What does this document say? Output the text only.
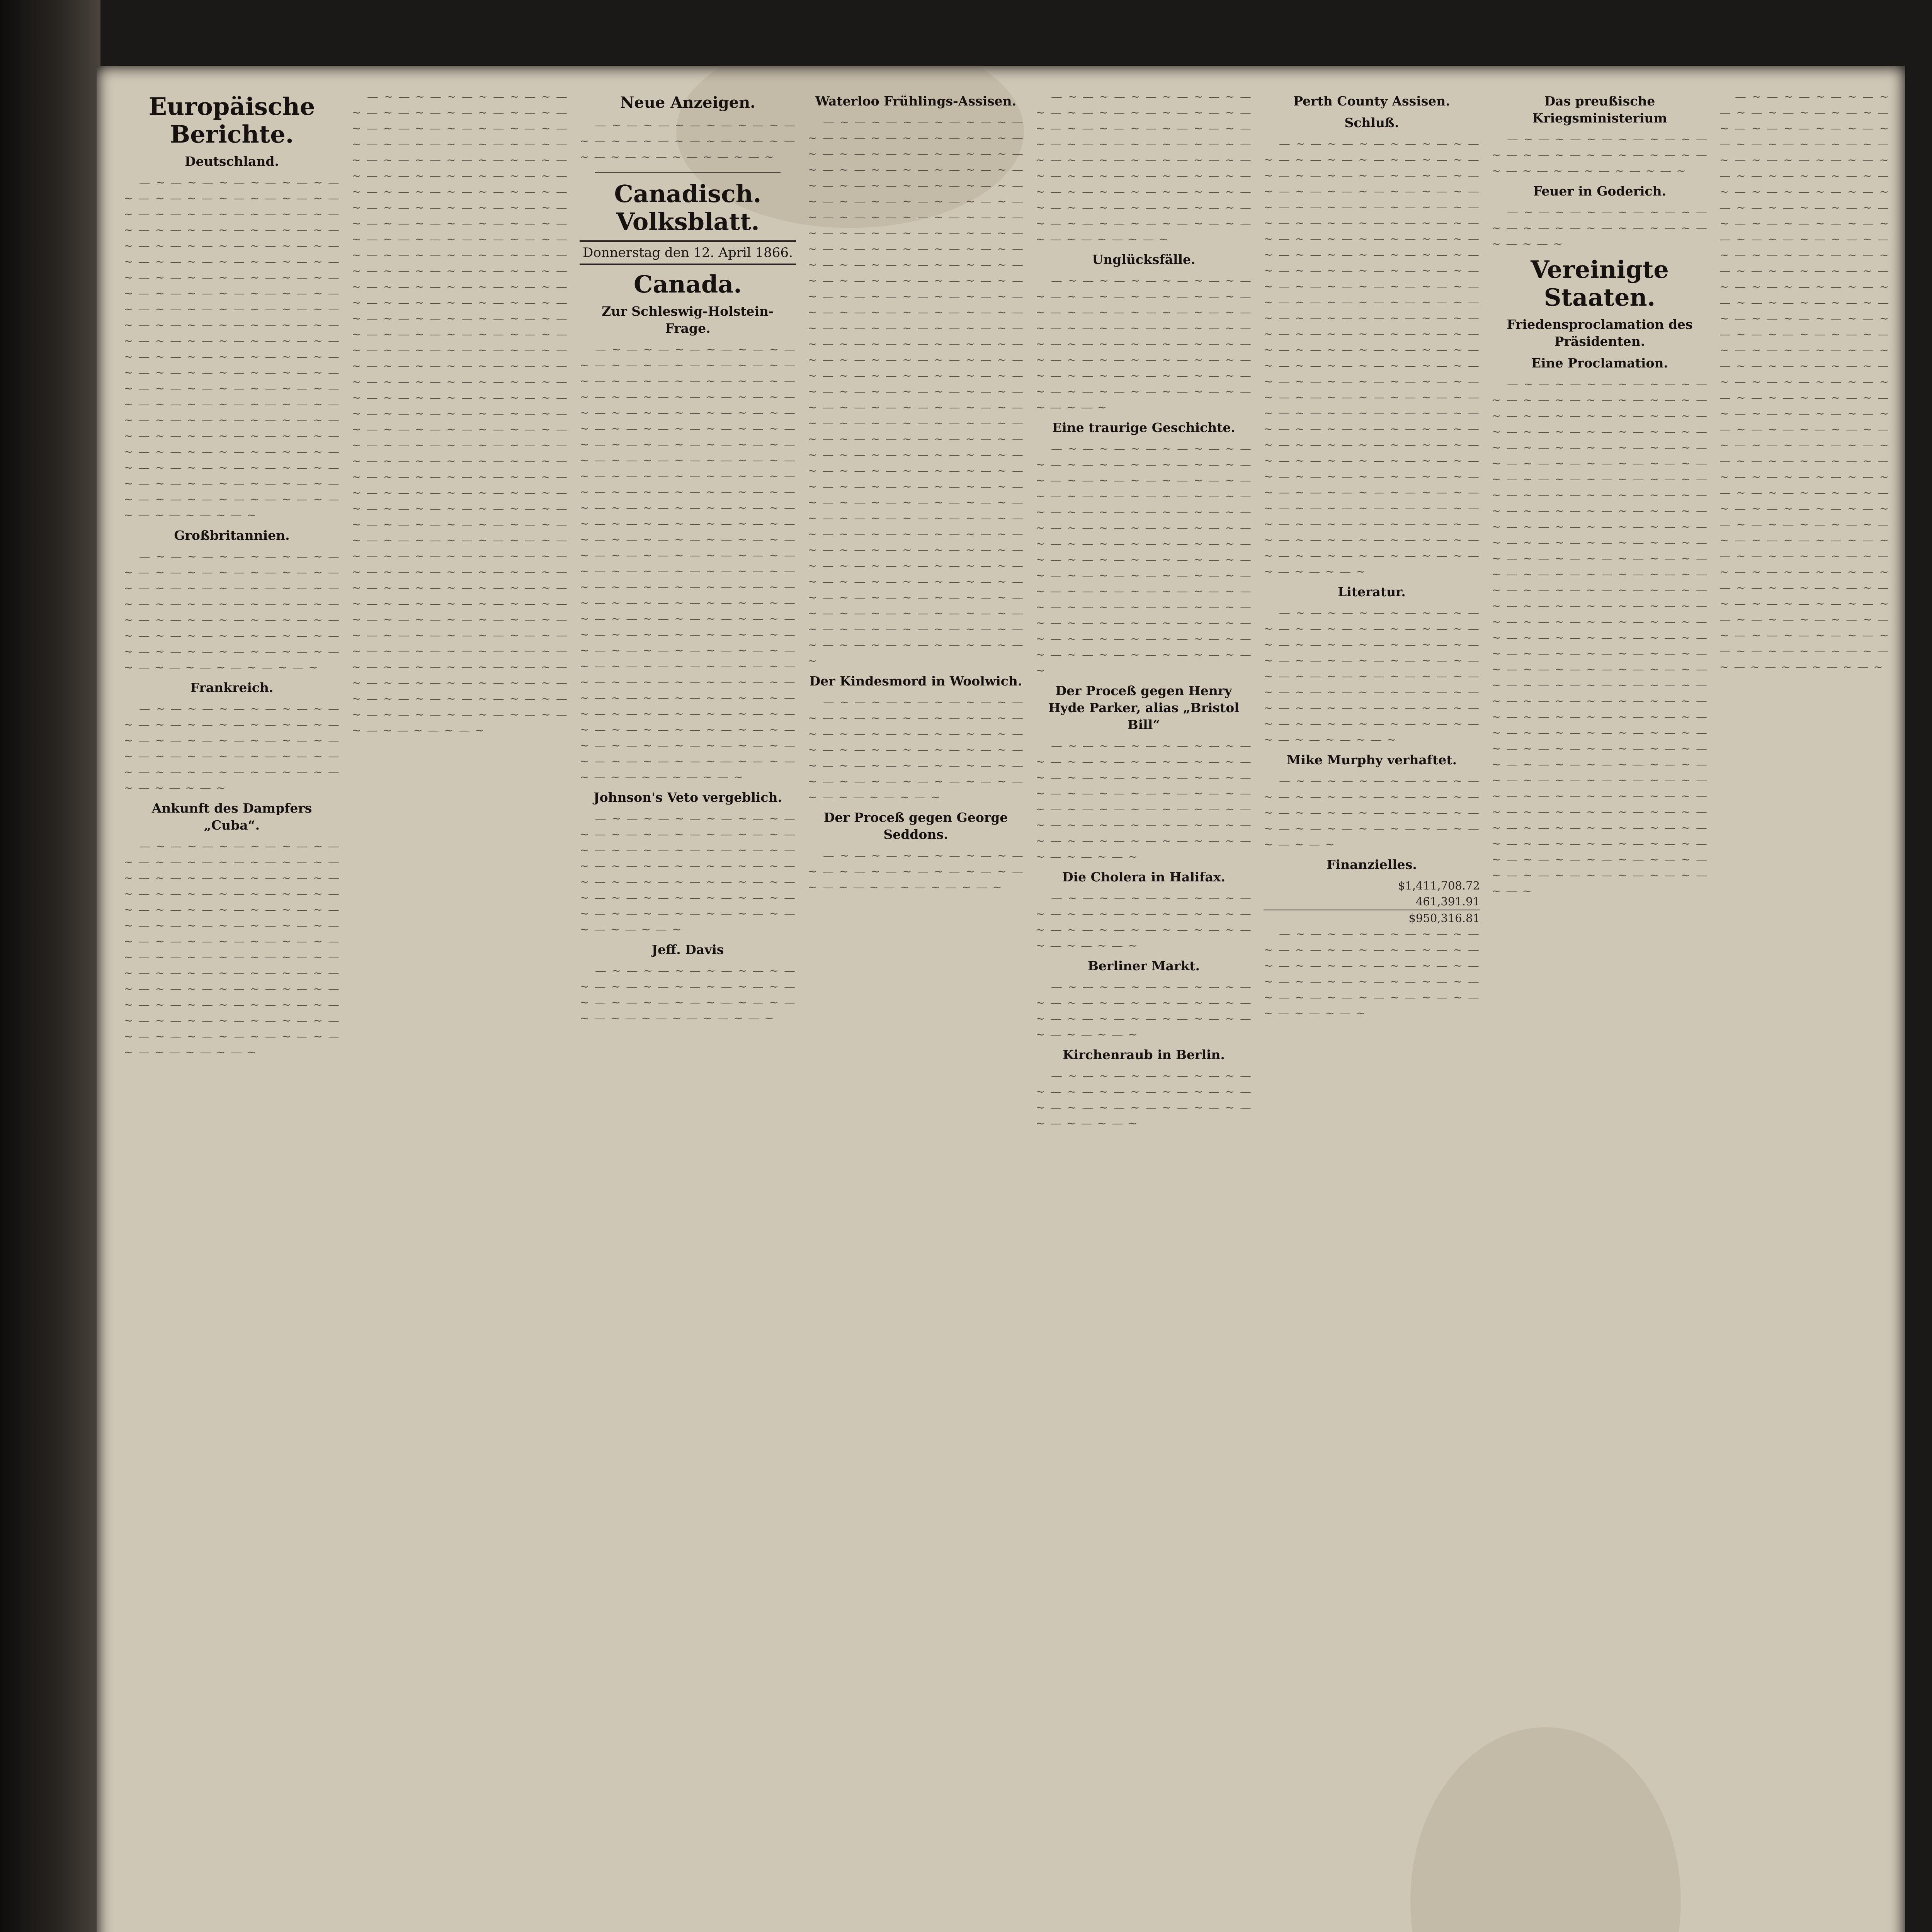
Europäische Berichte.
Deutschland.

— ~ — ~ — ~ — ~ — ~ — ~ — ~ — ~ — ~ — ~ — ~ — ~ — ~ — ~ — ~ — ~ — ~ — ~ — ~ — ~ — ~ — ~ — ~ — ~ — ~ — ~ — ~ — ~ — ~ — ~ — ~ — ~ — ~ — ~ — ~ — ~ — ~ — ~ — ~ — ~ — ~ — ~ — ~ — ~ — ~ — ~ — ~ — ~ — ~ — ~ — ~ — ~ — ~ — ~ — ~ — ~ — ~ — ~ — ~ — ~ — ~ — ~ — ~ — ~ — ~ — ~ — ~ — ~ — ~ — ~ — ~ — ~ — ~ — ~ — ~ — ~ — ~ — ~ — ~ — ~ — ~ — ~ — ~ — ~ — ~ — ~ — ~ — ~ — ~ — ~ — ~ — ~ — ~ — ~ — ~ — ~ — ~ — ~ — ~ — ~ — ~ — ~ — ~ — ~ — ~ — ~ — ~ — ~ — ~ — ~ — ~ — ~ — ~ — ~ — ~ — ~ — ~ — ~ — ~ — ~ — ~ — ~ — ~ — ~ — ~ — ~ — ~ — ~ — ~ — ~ — ~ — ~ — ~ — ~ — ~ — ~ — ~ — ~ — ~ — ~ — ~ — ~ — ~ — ~ — ~ — ~ — ~ — ~ — ~ — ~ — ~

Großbritannien.

— ~ — ~ — ~ — ~ — ~ — ~ — ~ — ~ — ~ — ~ — ~ — ~ — ~ — ~ — ~ — ~ — ~ — ~ — ~ — ~ — ~ — ~ — ~ — ~ — ~ — ~ — ~ — ~ — ~ — ~ — ~ — ~ — ~ — ~ — ~ — ~ — ~ — ~ — ~ — ~ — ~ — ~ — ~ — ~ — ~ — ~ — ~ — ~ — ~ — ~ — ~ — ~ — ~ — ~ — ~

Frankreich.

— ~ — ~ — ~ — ~ — ~ — ~ — ~ — ~ — ~ — ~ — ~ — ~ — ~ — ~ — ~ — ~ — ~ — ~ — ~ — ~ — ~ — ~ — ~ — ~ — ~ — ~ — ~ — ~ — ~ — ~ — ~ — ~ — ~ — ~ — ~ — ~ — ~ — ~

Ankunft des Dampfers „Cuba“.

— ~ — ~ — ~ — ~ — ~ — ~ — ~ — ~ — ~ — ~ — ~ — ~ — ~ — ~ — ~ — ~ — ~ — ~ — ~ — ~ — ~ — ~ — ~ — ~ — ~ — ~ — ~ — ~ — ~ — ~ — ~ — ~ — ~ — ~ — ~ — ~ — ~ — ~ — ~ — ~ — ~ — ~ — ~ — ~ — ~ — ~ — ~ — ~ — ~ — ~ — ~ — ~ — ~ — ~ — ~ — ~ — ~ — ~ — ~ — ~ — ~ — ~ — ~ — ~ — ~ — ~ — ~ — ~ — ~ — ~ — ~ — ~ — ~ — ~ — ~ — ~ — ~ — ~ — ~ — ~ — ~ — ~ — ~ — ~ — ~ — ~ — ~ — ~ — ~ — ~ — ~ — ~ — ~ — ~ — ~

— ~ — ~ — ~ — ~ — ~ — ~ — ~ — ~ — ~ — ~ — ~ — ~ — ~ — ~ — ~ — ~ — ~ — ~ — ~ — ~ — ~ — ~ — ~ — ~ — ~ — ~ — ~ — ~ — ~ — ~ — ~ — ~ — ~ — ~ — ~ — ~ — ~ — ~ — ~ — ~ — ~ — ~ — ~ — ~ — ~ — ~ — ~ — ~ — ~ — ~ — ~ — ~ — ~ — ~ — ~ — ~ — ~ — ~ — ~ — ~ — ~ — ~ — ~ — ~ — ~ — ~ — ~ — ~ — ~ — ~ — ~ — ~ — ~ — ~ — ~ — ~ — ~ — ~ — ~ — ~ — ~ — ~ — ~ — ~ — ~ — ~ — ~ — ~ — ~ — ~ — ~ — ~ — ~ — ~ — ~ — ~ — ~ — ~ — ~ — ~ — ~ — ~ — ~ — ~ — ~ — ~ — ~ — ~ — ~ — ~ — ~ — ~ — ~ — ~ — ~ — ~ — ~ — ~ — ~ — ~ — ~ — ~ — ~ — ~ — ~ — ~ — ~ — ~ — ~ — ~ — ~ — ~ — ~ — ~ — ~ — ~ — ~ — ~ — ~ — ~ — ~ — ~ — ~ — ~ — ~ — ~ — ~ — ~ — ~ — ~ — ~ — ~ — ~ — ~ — ~ — ~ — ~ — ~ — ~ — ~ — ~ — ~ — ~ — ~ — ~ — ~ — ~ — ~ — ~ — ~ — ~ — ~ — ~ — ~ — ~ — ~ — ~ — ~ — ~ — ~ — ~ — ~ — ~ — ~ — ~ — ~ — ~ — ~ — ~ — ~ — ~ — ~ — ~ — ~ — ~ — ~ — ~ — ~ — ~ — ~ — ~ — ~ — ~ — ~ — ~ — ~ — ~ — ~ — ~ — ~ — ~ — ~ — ~ — ~ — ~ — ~ — ~ — ~ — ~ — ~ — ~ — ~ — ~ — ~ — ~ — ~ — ~ — ~ — ~ — ~ — ~ — ~ — ~ — ~ — ~ — ~ — ~ — ~ — ~ — ~ — ~ — ~ — ~ — ~ — ~ — ~ — ~ — ~ — ~ — ~ — ~ — ~ — ~ — ~ — ~ — ~ — ~ — ~ — ~ — ~ — ~ — ~ — ~ — ~ — ~ — ~ — ~ — ~ — ~ — ~ — ~ — ~ — ~ — ~ — ~ — ~ — ~ — ~ — ~ — ~ — ~ — ~ — ~ — ~

Neue Anzeigen.

— ~ — ~ — ~ — ~ — ~ — ~ — ~ — ~ — ~ — ~ — ~ — ~ — ~ — ~ — ~ — ~ — ~ — ~ — ~ — ~

Canadisch. Volksblatt.
Donnerstag den 12. April 1866.
Canada.
Zur Schleswig-Holstein-Frage.

— ~ — ~ — ~ — ~ — ~ — ~ — ~ — ~ — ~ — ~ — ~ — ~ — ~ — ~ — ~ — ~ — ~ — ~ — ~ — ~ — ~ — ~ — ~ — ~ — ~ — ~ — ~ — ~ — ~ — ~ — ~ — ~ — ~ — ~ — ~ — ~ — ~ — ~ — ~ — ~ — ~ — ~ — ~ — ~ — ~ — ~ — ~ — ~ — ~ — ~ — ~ — ~ — ~ — ~ — ~ — ~ — ~ — ~ — ~ — ~ — ~ — ~ — ~ — ~ — ~ — ~ — ~ — ~ — ~ — ~ — ~ — ~ — ~ — ~ — ~ — ~ — ~ — ~ — ~ — ~ — ~ — ~ — ~ — ~ — ~ — ~ — ~ — ~ — ~ — ~ — ~ — ~ — ~ — ~ — ~ — ~ — ~ — ~ — ~ — ~ — ~ — ~ — ~ — ~ — ~ — ~ — ~ — ~ — ~ — ~ — ~ — ~ — ~ — ~ — ~ — ~ — ~ — ~ — ~ — ~ — ~ — ~ — ~ — ~ — ~ — ~ — ~ — ~ — ~ — ~ — ~ — ~ — ~ — ~ — ~ — ~ — ~ — ~ — ~ — ~ — ~ — ~ — ~ — ~ — ~ — ~ — ~ — ~ — ~ — ~ — ~ — ~ — ~ — ~ — ~ — ~ — ~ — ~ — ~ — ~ — ~ — ~ — ~ — ~ — ~ — ~ — ~ — ~ — ~ — ~ — ~ — ~ — ~ — ~ — ~ — ~ — ~ — ~ — ~ — ~ — ~ — ~ — ~ — ~ — ~ — ~ — ~ — ~ — ~ — ~ — ~ — ~ — ~ — ~

Johnson's Veto vergeblich.

— ~ — ~ — ~ — ~ — ~ — ~ — ~ — ~ — ~ — ~ — ~ — ~ — ~ — ~ — ~ — ~ — ~ — ~ — ~ — ~ — ~ — ~ — ~ — ~ — ~ — ~ — ~ — ~ — ~ — ~ — ~ — ~ — ~ — ~ — ~ — ~ — ~ — ~ — ~ — ~ — ~ — ~ — ~ — ~ — ~ — ~ — ~ — ~ — ~ — ~ — ~ — ~

Jeff. Davis

— ~ — ~ — ~ — ~ — ~ — ~ — ~ — ~ — ~ — ~ — ~ — ~ — ~ — ~ — ~ — ~ — ~ — ~ — ~ — ~ — ~ — ~ — ~ — ~ — ~ — ~ — ~

Waterloo Frühlings-Assisen.

— ~ — ~ — ~ — ~ — ~ — ~ — ~ — ~ — ~ — ~ — ~ — ~ — ~ — ~ — ~ — ~ — ~ — ~ — ~ — ~ — ~ — ~ — ~ — ~ — ~ — ~ — ~ — ~ — ~ — ~ — ~ — ~ — ~ — ~ — ~ — ~ — ~ — ~ — ~ — ~ — ~ — ~ — ~ — ~ — ~ — ~ — ~ — ~ — ~ — ~ — ~ — ~ — ~ — ~ — ~ — ~ — ~ — ~ — ~ — ~ — ~ — ~ — ~ — ~ — ~ — ~ — ~ — ~ — ~ — ~ — ~ — ~ — ~ — ~ — ~ — ~ — ~ — ~ — ~ — ~ — ~ — ~ — ~ — ~ — ~ — ~ — ~ — ~ — ~ — ~ — ~ — ~ — ~ — ~ — ~ — ~ — ~ — ~ — ~ — ~ — ~ — ~ — ~ — ~ — ~ — ~ — ~ — ~ — ~ — ~ — ~ — ~ — ~ — ~ — ~ — ~ — ~ — ~ — ~ — ~ — ~ — ~ — ~ — ~ — ~ — ~ — ~ — ~ — ~ — ~ — ~ — ~ — ~ — ~ — ~ — ~ — ~ — ~ — ~ — ~ — ~ — ~ — ~ — ~ — ~ — ~ — ~ — ~ — ~ — ~ — ~ — ~ — ~ — ~ — ~ — ~ — ~ — ~ — ~ — ~ — ~ — ~ — ~ — ~ — ~ — ~ — ~ — ~ — ~ — ~ — ~ — ~ — ~ — ~ — ~ — ~ — ~ — ~ — ~ — ~ — ~ — ~ — ~ — ~ — ~ — ~ — ~ — ~ — ~ — ~ — ~ — ~ — ~ — ~ — ~ — ~ — ~ — ~ — ~ — ~ — ~ — ~ — ~ — ~ — ~ — ~ — ~ — ~ — ~ — ~ — ~ — ~ — ~ — ~ — ~ — ~ — ~ — ~ — ~ — ~ — ~ — ~ — ~ — ~ — ~ — ~ — ~ — ~ — ~ — ~ — ~ — ~ — ~ — ~ — ~ — ~ — ~ — ~

Der Kindesmord in Woolwich.

— ~ — ~ — ~ — ~ — ~ — ~ — ~ — ~ — ~ — ~ — ~ — ~ — ~ — ~ — ~ — ~ — ~ — ~ — ~ — ~ — ~ — ~ — ~ — ~ — ~ — ~ — ~ — ~ — ~ — ~ — ~ — ~ — ~ — ~ — ~ — ~ — ~ — ~ — ~ — ~ — ~ — ~ — ~ — ~ — ~ — ~

Der Proceß gegen George Seddons.

— ~ — ~ — ~ — ~ — ~ — ~ — ~ — ~ — ~ — ~ — ~ — ~ — ~ — ~ — ~ — ~ — ~ — ~ — ~ — ~

— ~ — ~ — ~ — ~ — ~ — ~ — ~ — ~ — ~ — ~ — ~ — ~ — ~ — ~ — ~ — ~ — ~ — ~ — ~ — ~ — ~ — ~ — ~ — ~ — ~ — ~ — ~ — ~ — ~ — ~ — ~ — ~ — ~ — ~ — ~ — ~ — ~ — ~ — ~ — ~ — ~ — ~ — ~ — ~ — ~ — ~ — ~ — ~ — ~ — ~ — ~ — ~ — ~ — ~ — ~ — ~ — ~ — ~ — ~ — ~ — ~ — ~ — ~ — ~ — ~ — ~ — ~

Unglücksfälle.

— ~ — ~ — ~ — ~ — ~ — ~ — ~ — ~ — ~ — ~ — ~ — ~ — ~ — ~ — ~ — ~ — ~ — ~ — ~ — ~ — ~ — ~ — ~ — ~ — ~ — ~ — ~ — ~ — ~ — ~ — ~ — ~ — ~ — ~ — ~ — ~ — ~ — ~ — ~ — ~ — ~ — ~ — ~ — ~ — ~ — ~ — ~ — ~ — ~ — ~ — ~ — ~ — ~ — ~ — ~ — ~ — ~ — ~

Eine traurige Geschichte.

— ~ — ~ — ~ — ~ — ~ — ~ — ~ — ~ — ~ — ~ — ~ — ~ — ~ — ~ — ~ — ~ — ~ — ~ — ~ — ~ — ~ — ~ — ~ — ~ — ~ — ~ — ~ — ~ — ~ — ~ — ~ — ~ — ~ — ~ — ~ — ~ — ~ — ~ — ~ — ~ — ~ — ~ — ~ — ~ — ~ — ~ — ~ — ~ — ~ — ~ — ~ — ~ — ~ — ~ — ~ — ~ — ~ — ~ — ~ — ~ — ~ — ~ — ~ — ~ — ~ — ~ — ~ — ~ — ~ — ~ — ~ — ~ — ~ — ~ — ~ — ~ — ~ — ~ — ~ — ~ — ~ — ~ — ~ — ~ — ~ — ~ — ~ — ~ — ~ — ~ — ~ — ~ — ~ — ~ — ~ — ~ — ~ — ~

Der Proceß gegen Henry Hyde Parker, alias „Bristol Bill“

— ~ — ~ — ~ — ~ — ~ — ~ — ~ — ~ — ~ — ~ — ~ — ~ — ~ — ~ — ~ — ~ — ~ — ~ — ~ — ~ — ~ — ~ — ~ — ~ — ~ — ~ — ~ — ~ — ~ — ~ — ~ — ~ — ~ — ~ — ~ — ~ — ~ — ~ — ~ — ~ — ~ — ~ — ~ — ~ — ~ — ~ — ~ — ~ — ~ — ~ — ~ — ~

Die Cholera in Halifax.

— ~ — ~ — ~ — ~ — ~ — ~ — ~ — ~ — ~ — ~ — ~ — ~ — ~ — ~ — ~ — ~ — ~ — ~ — ~ — ~ — ~ — ~ — ~ — ~

Berliner Markt.

— ~ — ~ — ~ — ~ — ~ — ~ — ~ — ~ — ~ — ~ — ~ — ~ — ~ — ~ — ~ — ~ — ~ — ~ — ~ — ~ — ~ — ~ — ~ — ~

Kirchenraub in Berlin.

— ~ — ~ — ~ — ~ — ~ — ~ — ~ — ~ — ~ — ~ — ~ — ~ — ~ — ~ — ~ — ~ — ~ — ~ — ~ — ~ — ~ — ~ — ~ — ~

Perth County Assisen.
Schluß.

— ~ — ~ — ~ — ~ — ~ — ~ — ~ — ~ — ~ — ~ — ~ — ~ — ~ — ~ — ~ — ~ — ~ — ~ — ~ — ~ — ~ — ~ — ~ — ~ — ~ — ~ — ~ — ~ — ~ — ~ — ~ — ~ — ~ — ~ — ~ — ~ — ~ — ~ — ~ — ~ — ~ — ~ — ~ — ~ — ~ — ~ — ~ — ~ — ~ — ~ — ~ — ~ — ~ — ~ — ~ — ~ — ~ — ~ — ~ — ~ — ~ — ~ — ~ — ~ — ~ — ~ — ~ — ~ — ~ — ~ — ~ — ~ — ~ — ~ — ~ — ~ — ~ — ~ — ~ — ~ — ~ — ~ — ~ — ~ — ~ — ~ — ~ — ~ — ~ — ~ — ~ — ~ — ~ — ~ — ~ — ~ — ~ — ~ — ~ — ~ — ~ — ~ — ~ — ~ — ~ — ~ — ~ — ~ — ~ — ~ — ~ — ~ — ~ — ~ — ~ — ~ — ~ — ~ — ~ — ~ — ~ — ~ — ~ — ~ — ~ — ~ — ~ — ~ — ~ — ~ — ~ — ~ — ~ — ~ — ~ — ~ — ~ — ~ — ~ — ~ — ~ — ~ — ~ — ~ — ~ — ~ — ~ — ~ — ~ — ~ — ~ — ~ — ~ — ~ — ~ — ~ — ~ — ~ — ~ — ~ — ~ — ~ — ~ — ~ — ~ — ~ — ~ — ~ — ~ — ~ — ~ — ~ — ~ — ~ — ~ — ~ — ~ — ~ — ~ — ~ — ~ — ~ — ~ — ~ — ~ — ~ — ~ — ~ — ~ — ~ — ~ — ~

Literatur.

— ~ — ~ — ~ — ~ — ~ — ~ — ~ — ~ — ~ — ~ — ~ — ~ — ~ — ~ — ~ — ~ — ~ — ~ — ~ — ~ — ~ — ~ — ~ — ~ — ~ — ~ — ~ — ~ — ~ — ~ — ~ — ~ — ~ — ~ — ~ — ~ — ~ — ~ — ~ — ~ — ~ — ~ — ~ — ~ — ~ — ~ — ~ — ~ — ~ — ~ — ~ — ~ — ~ — ~ — ~ — ~ — ~ — ~ — ~ — ~

Mike Murphy verhaftet.

— ~ — ~ — ~ — ~ — ~ — ~ — ~ — ~ — ~ — ~ — ~ — ~ — ~ — ~ — ~ — ~ — ~ — ~ — ~ — ~ — ~ — ~ — ~ — ~ — ~ — ~ — ~ — ~ — ~ — ~

Finanzielles.
$1,411,708.72
461,391.91
$950,316.81

— ~ — ~ — ~ — ~ — ~ — ~ — ~ — ~ — ~ — ~ — ~ — ~ — ~ — ~ — ~ — ~ — ~ — ~ — ~ — ~ — ~ — ~ — ~ — ~ — ~ — ~ — ~ — ~ — ~ — ~ — ~ — ~ — ~ — ~ — ~ — ~ — ~ — ~

Das preußische Kriegsministerium

— ~ — ~ — ~ — ~ — ~ — ~ — ~ — ~ — ~ — ~ — ~ — ~ — ~ — ~ — ~ — ~ — ~ — ~ — ~ — ~

Feuer in Goderich.

— ~ — ~ — ~ — ~ — ~ — ~ — ~ — ~ — ~ — ~ — ~ — ~ — ~ — ~ — ~ — ~

Vereinigte Staaten.
Friedensproclamation des Präsidenten.
Eine Proclamation.

— ~ — ~ — ~ — ~ — ~ — ~ — ~ — ~ — ~ — ~ — ~ — ~ — ~ — ~ — ~ — ~ — ~ — ~ — ~ — ~ — ~ — ~ — ~ — ~ — ~ — ~ — ~ — ~ — ~ — ~ — ~ — ~ — ~ — ~ — ~ — ~ — ~ — ~ — ~ — ~ — ~ — ~ — ~ — ~ — ~ — ~ — ~ — ~ — ~ — ~ — ~ — ~ — ~ — ~ — ~ — ~ — ~ — ~ — ~ — ~ — ~ — ~ — ~ — ~ — ~ — ~ — ~ — ~ — ~ — ~ — ~ — ~ — ~ — ~ — ~ — ~ — ~ — ~ — ~ — ~ — ~ — ~ — ~ — ~ — ~ — ~ — ~ — ~ — ~ — ~ — ~ — ~ — ~ — ~ — ~ — ~ — ~ — ~ — ~ — ~ — ~ — ~ — ~ — ~ — ~ — ~ — ~ — ~ — ~ — ~ — ~ — ~ — ~ — ~ — ~ — ~ — ~ — ~ — ~ — ~ — ~ — ~ — ~ — ~ — ~ — ~ — ~ — ~ — ~ — ~ — ~ — ~ — ~ — ~ — ~ — ~ — ~ — ~ — ~ — ~ — ~ — ~ — ~ — ~ — ~ — ~ — ~ — ~ — ~ — ~ — ~ — ~ — ~ — ~ — ~ — ~ — ~ — ~ — ~ — ~ — ~ — ~ — ~ — ~ — ~ — ~ — ~ — ~ — ~ — ~ — ~ — ~ — ~ — ~ — ~ — ~ — ~ — ~ — ~ — ~ — ~ — ~ — ~ — ~ — ~ — ~ — ~ — ~ — ~ — ~ — ~ — ~ — ~ — ~ — ~ — ~ — ~ — ~ — ~ — ~ — ~ — ~ — ~ — ~ — ~ — ~ — ~ — ~ — ~ — ~ — ~ — ~ — ~ — ~ — ~ — ~ — ~ — ~ — ~ — ~ — ~ — ~ — ~ — ~ — ~

— ~ — ~ — ~ — ~ — ~ — ~ — ~ — ~ — ~ — ~ — ~ — ~ — ~ — ~ — ~ — ~ — ~ — ~ — ~ — ~ — ~ — ~ — ~ — ~ — ~ — ~ — ~ — ~ — ~ — ~ — ~ — ~ — ~ — ~ — ~ — ~ — ~ — ~ — ~ — ~ — ~ — ~ — ~ — ~ — ~ — ~ — ~ — ~ — ~ — ~ — ~ — ~ — ~ — ~ — ~ — ~ — ~ — ~ — ~ — ~ — ~ — ~ — ~ — ~ — ~ — ~ — ~ — ~ — ~ — ~ — ~ — ~ — ~ — ~ — ~ — ~ — ~ — ~ — ~ — ~ — ~ — ~ — ~ — ~ — ~ — ~ — ~ — ~ — ~ — ~ — ~ — ~ — ~ — ~ — ~ — ~ — ~ — ~ — ~ — ~ — ~ — ~ — ~ — ~ — ~ — ~ — ~ — ~ — ~ — ~ — ~ — ~ — ~ — ~ — ~ — ~ — ~ — ~ — ~ — ~ — ~ — ~ — ~ — ~ — ~ — ~ — ~ — ~ — ~ — ~ — ~ — ~ — ~ — ~ — ~ — ~ — ~ — ~ — ~ — ~ — ~ — ~ — ~ — ~ — ~ — ~ — ~ — ~ — ~ — ~ — ~ — ~ — ~ — ~ — ~ — ~ — ~ — ~ — ~ — ~ — ~ — ~ — ~ — ~ — ~ — ~ — ~ — ~ — ~ — ~ — ~ — ~ — ~ — ~ — ~ — ~ — ~ — ~ — ~ — ~ — ~ — ~ — ~ — ~ — ~ — ~ — ~ — ~ — ~ — ~ — ~ — ~ — ~ — ~ — ~ — ~ — ~ — ~ — ~ — ~ — ~ — ~ — ~
